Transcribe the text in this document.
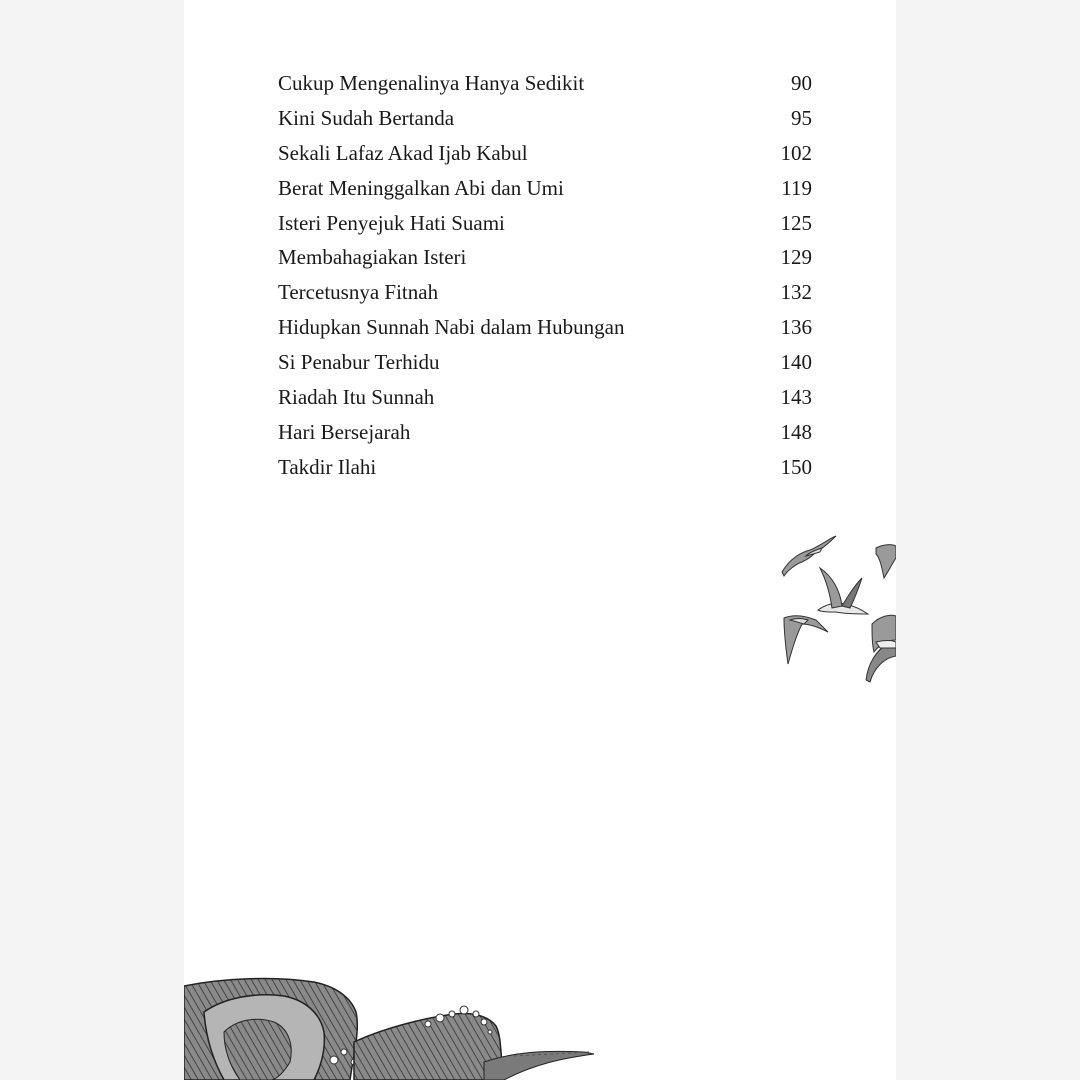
Cukup Mengenalinya Hanya Sedikit	90
Kini Sudah Bertanda	95
Sekali Lafaz Akad Ijab Kabul	102
Berat Meninggalkan Abi dan Umi	119
Isteri Penyejuk Hati Suami	125
Membahagiakan Isteri	129
Tercetusnya Fitnah	132
Hidupkan Sunnah Nabi dalam Hubungan	136
Si Penabur Terhidu	140
Riadah Itu Sunnah	143
Hari Bersejarah	148
Takdir Ilahi	150
